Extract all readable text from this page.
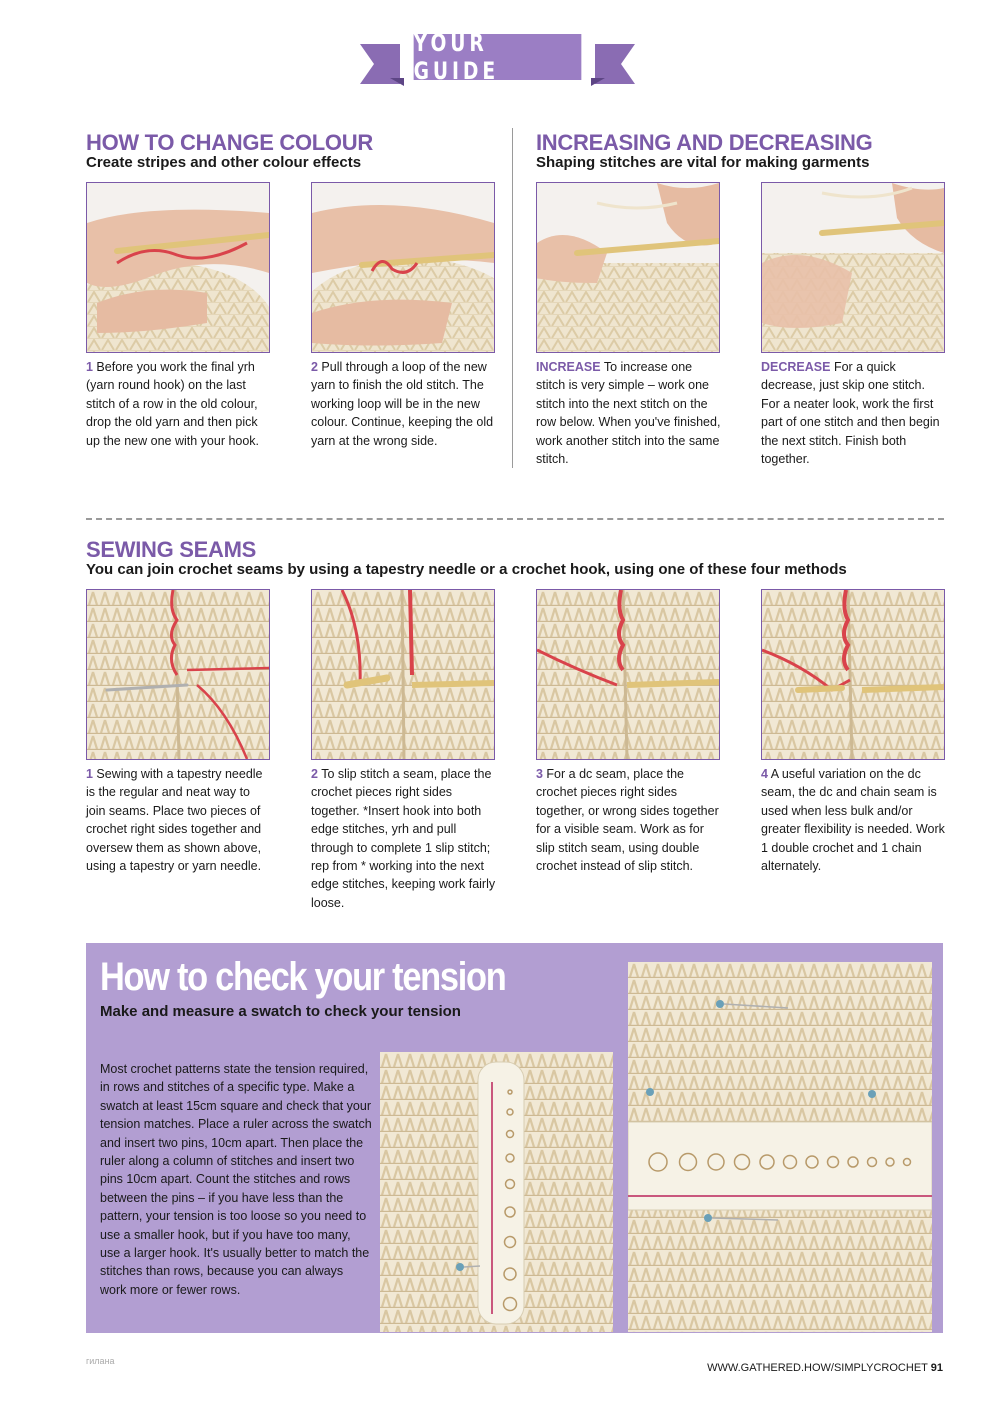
YOUR GUIDE
HOW TO CHANGE COLOUR
Create stripes and other colour effects
INCREASING AND DECREASING
Shaping stitches are vital for making garments
1 Before you work the final yrh (yarn round hook) on the last stitch of a row in the old colour, drop the old yarn and then pick up the new one with your hook.
2 Pull through a loop of the new yarn to finish the old stitch. The working loop will be in the new colour. Continue, keeping the old yarn at the wrong side.
INCREASE To increase one stitch is very simple – work one stitch into the next stitch on the row below. When you've finished, work another stitch into the same stitch.
DECREASE For a quick decrease, just skip one stitch. For a neater look, work the first part of one stitch and then begin the next stitch. Finish both together.
SEWING SEAMS
You can join crochet seams by using a tapestry needle or a crochet hook, using one of these four methods
1 Sewing with a tapestry needle is the regular and neat way to join seams. Place two pieces of crochet right sides together and oversew them as shown above, using a tapestry or yarn needle.
2 To slip stitch a seam, place the crochet pieces right sides together. *Insert hook into both edge stitches, yrh and pull through to complete 1 slip stitch; rep from * working into the next edge stitches, keeping work fairly loose.
3 For a dc seam, place the crochet pieces right sides together, or wrong sides together for a visible seam. Work as for slip stitch seam, using double crochet instead of slip stitch.
4 A useful variation on the dc seam, the dc and chain seam is used when less bulk and/or greater flexibility is needed. Work 1 double crochet and 1 chain alternately.
How to check your tension
Make and measure a swatch to check your tension
Most crochet patterns state the tension required, in rows and stitches of a specific type. Make a swatch at least 15cm square and check that your tension matches. Place a ruler across the swatch and insert two pins, 10cm apart. Then place the ruler along a column of stitches and insert two pins 10cm apart. Count the stitches and rows between the pins – if you have less than the pattern, your tension is too loose so you need to use a smaller hook, but if you have too many, use a larger hook. It's usually better to match the stitches than rows, because you can always work more or fewer rows.
гилана
WWW.GATHERED.HOW/SIMPLYCROCHET 91
